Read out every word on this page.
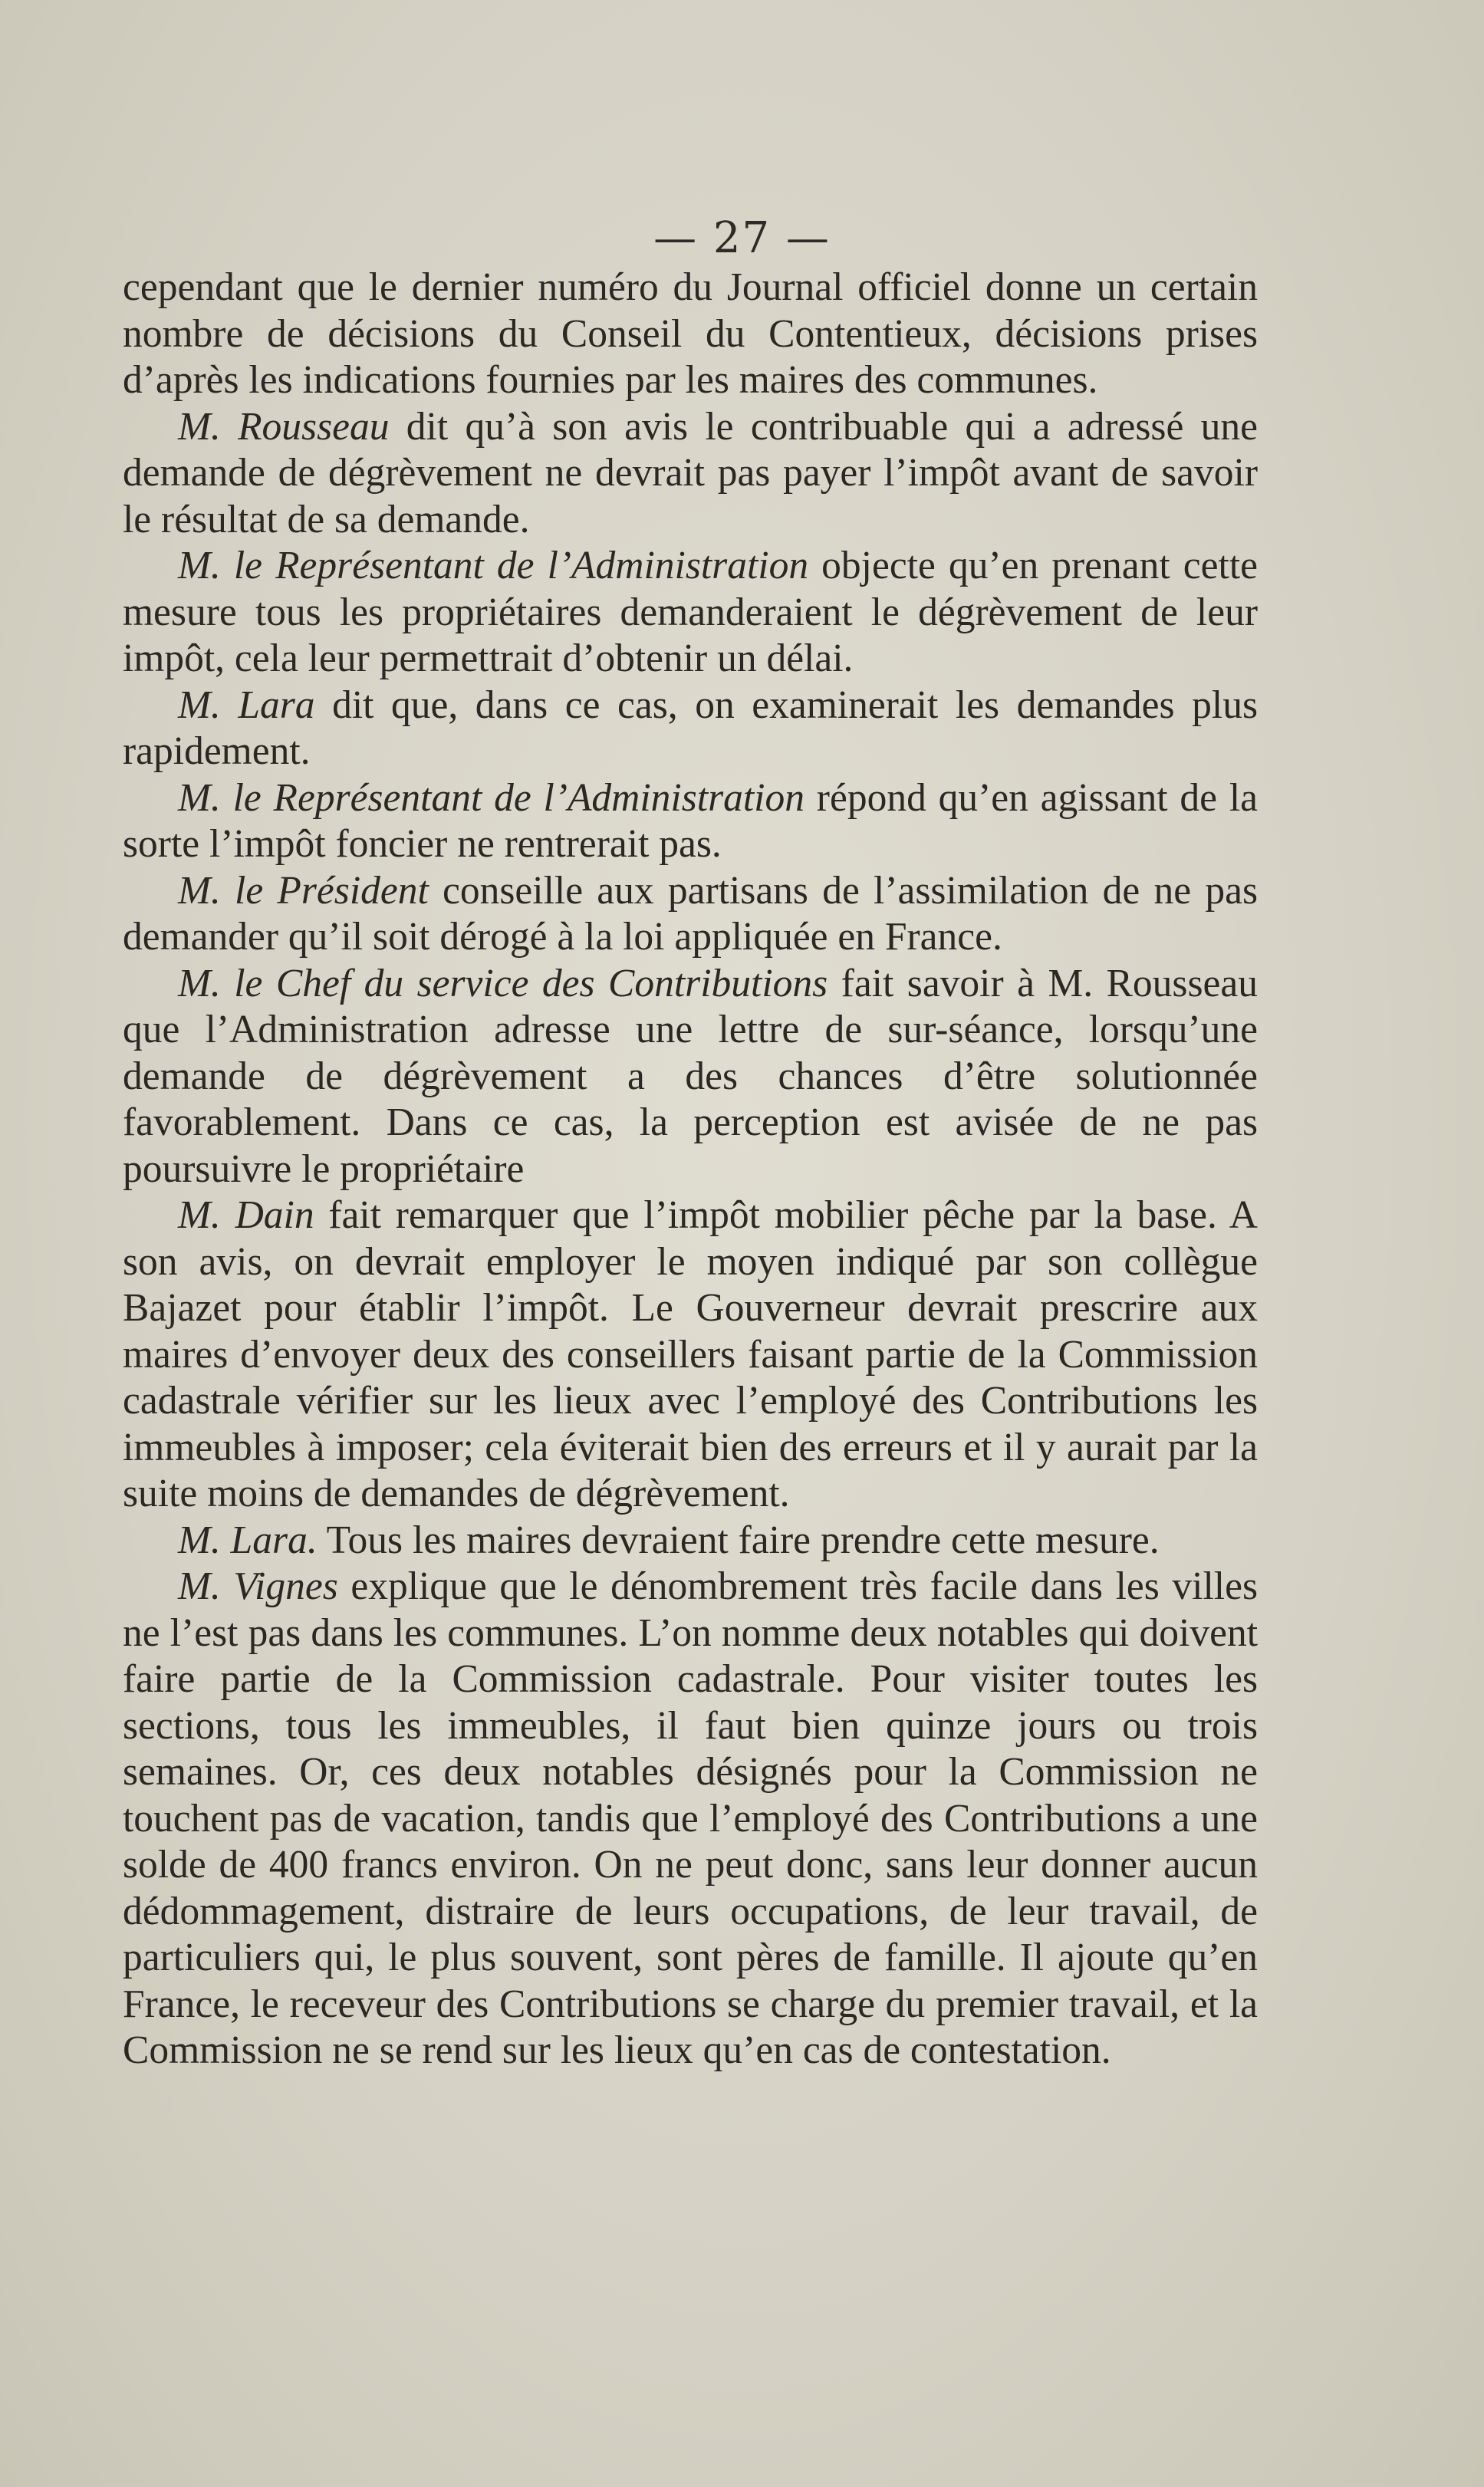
— 27 —

cependant que le dernier numéro du Journal officiel donne un certain nombre de décisions du Conseil du Contentieux, décisions prises d’après les indications fournies par les maires des communes.

M. Rousseau dit qu’à son avis le contribuable qui a adressé une demande de dégrèvement ne devrait pas payer l’impôt avant de savoir le résultat de sa demande.

M. le Représentant de l’Administration objecte qu’en prenant cette mesure tous les propriétaires demanderaient le dégrèvement de leur impôt, cela leur permettrait d’obtenir un délai.

M. Lara dit que, dans ce cas, on examinerait les demandes plus rapidement.

M. le Représentant de l’Administration répond qu’en agissant de la sorte l’impôt foncier ne rentrerait pas.

M. le Président conseille aux partisans de l’assimilation de ne pas demander qu’il soit dérogé à la loi appliquée en France.

M. le Chef du service des Contributions fait savoir à M. Rousseau que l’Administration adresse une lettre de sur-séance, lorsqu’une demande de dégrèvement a des chances d’être solutionnée favorablement. Dans ce cas, la perception est avisée de ne pas poursuivre le propriétaire

M. Dain fait remarquer que l’impôt mobilier pêche par la base. A son avis, on devrait employer le moyen indiqué par son collègue Bajazet pour établir l’impôt. Le Gouverneur devrait prescrire aux maires d’envoyer deux des conseillers faisant partie de la Commission cadastrale vérifier sur les lieux avec l’employé des Contributions les immeubles à imposer; cela éviterait bien des erreurs et il y aurait par la suite moins de demandes de dégrèvement.

M. Lara. Tous les maires devraient faire prendre cette mesure.

M. Vignes explique que le dénombrement très facile dans les villes ne l’est pas dans les communes. L’on nomme deux notables qui doivent faire partie de la Commission cadastrale. Pour visiter toutes les sections, tous les immeubles, il faut bien quinze jours ou trois semaines. Or, ces deux notables désignés pour la Commission ne touchent pas de vacation, tandis que l’employé des Contributions a une solde de 400 francs environ. On ne peut donc, sans leur donner aucun dédommagement, distraire de leurs occupations, de leur travail, de particuliers qui, le plus souvent, sont pères de famille. Il ajoute qu’en France, le receveur des Contributions se charge du premier travail, et la Commission ne se rend sur les lieux qu’en cas de contestation.
